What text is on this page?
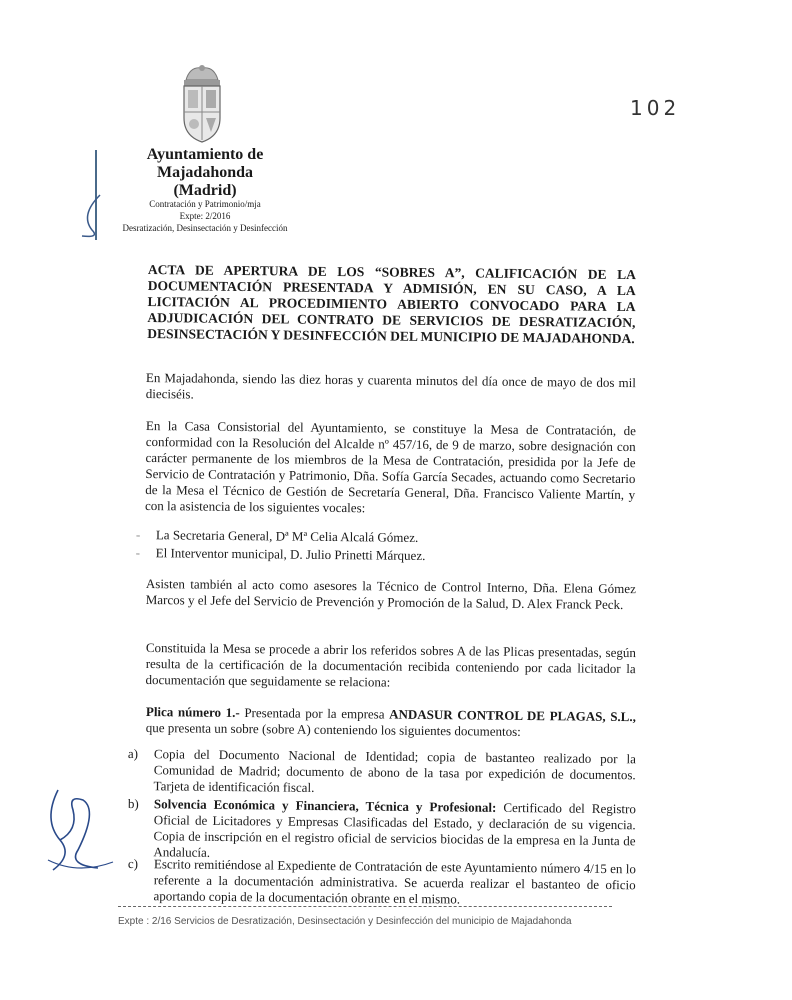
Ayuntamiento de
Majadahonda
(Madrid)
Contratación y Patrimonio/mja
Expte: 2/2016
Desratización, Desinsectación y Desinfección
102
ACTA DE APERTURA DE LOS “SOBRES A”, CALIFICACIÓN DE LA DOCUMENTACIÓN PRESENTADA Y ADMISIÓN, EN SU CASO, A LA LICITACIÓN AL PROCEDIMIENTO ABIERTO CONVOCADO PARA LA ADJUDICACIÓN DEL CONTRATO DE SERVICIOS DE DESRATIZACIÓN, DESINSECTACIÓN Y DESINFECCIÓN DEL MUNICIPIO DE MAJADAHONDA.
En Majadahonda, siendo las diez horas y cuarenta minutos del día once de mayo de dos mil dieciséis.
En la Casa Consistorial del Ayuntamiento, se constituye la Mesa de Contratación, de conformidad con la Resolución del Alcalde nº 457/16, de 9 de marzo, sobre designación con carácter permanente de los miembros de la Mesa de Contratación, presidida por la Jefe de Servicio de Contratación y Patrimonio, Dña. Sofía García Secades, actuando como Secretario de la Mesa el Técnico de Gestión de Secretaría General, Dña. Francisco Valiente Martín, y con la asistencia de los siguientes vocales:
- La Secretaria General, Dª Mª Celia Alcalá Gómez.
- El Interventor municipal, D. Julio Prinetti Márquez.
Asisten también al acto como asesores la Técnico de Control Interno, Dña. Elena Gómez Marcos y el Jefe del Servicio de Prevención y Promoción de la Salud, D. Alex Franck Peck.
Constituida la Mesa se procede a abrir los referidos sobres A de las Plicas presentadas, según resulta de la certificación de la documentación recibida conteniendo por cada licitador la documentación que seguidamente se relaciona:
Plica número 1.- Presentada por la empresa ANDASUR CONTROL DE PLAGAS, S.L., que presenta un sobre (sobre A) conteniendo los siguientes documentos:
a) Copia del Documento Nacional de Identidad; copia de bastanteo realizado por la Comunidad de Madrid; documento de abono de la tasa por expedición de documentos. Tarjeta de identificación fiscal.
b) Solvencia Económica y Financiera, Técnica y Profesional: Certificado del Registro Oficial de Licitadores y Empresas Clasificadas del Estado, y declaración de su vigencia. Copia de inscripción en el registro oficial de servicios biocidas de la empresa en la Junta de Andalucía.
c) Escrito remitiéndose al Expediente de Contratación de este Ayuntamiento número 4/15 en lo referente a la documentación administrativa. Se acuerda realizar el bastanteo de oficio aportando copia de la documentación obrante en el mismo.
Expte : 2/16 Servicios de Desratización, Desinsectación y Desinfección del municipio de Majadahonda
